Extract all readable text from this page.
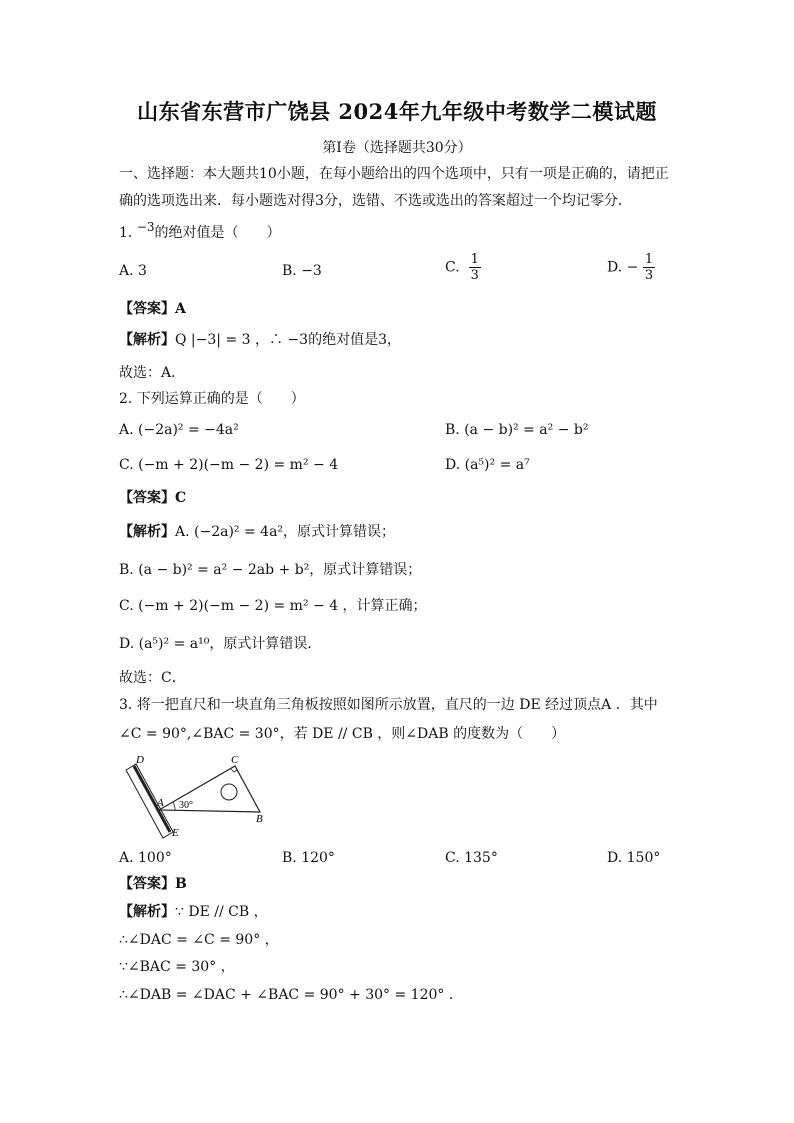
山东省东营市广饶县 2024年九年级中考数学二模试题
第I卷（选择题共30分）
一、选择题：本大题共10小题，在每小题给出的四个选项中，只有一项是正确的，请把正
确的选项选出来．每小题选对得3分，选错、不选或选出的答案超过一个均记零分．
1. $^{-3}$的绝对值是（　　）
A. 3	B. −3	C. $\frac{1}{3}$	D. − $\frac{1}{3}$
【答案】A
【解析】Q |−3| = 3 ，∴ −3的绝对值是3，
故选：A．
2. 下列运算正确的是（　　）
A. (−2a)² = −4a²	B. (a − b)² = a² − b²
C. (−m + 2)(−m − 2) = m² − 4	D. (a⁵)² = a⁷
【答案】C
【解析】A. (−2a)² = 4a²，原式计算错误；
B. (a − b)² = a² − 2ab + b²，原式计算错误；
C. (−m + 2)(−m − 2) = m² − 4 ，计算正确；
D. (a⁵)² = a¹⁰，原式计算错误．
故选：C．
3. 将一把直尺和一块直角三角板按照如图所示放置，直尺的一边 DE 经过顶点A ．其中
∠C = 90°,∠BAC = 30°，若 DE // CB ，则∠DAB 的度数为（　　）
D	C
A
E
B
30°
A. 100°	B. 120°	C. 135°	D. 150°
【答案】B
【解析】∵ DE // CB ，
∴∠DAC = ∠C = 90° ，
∵∠BAC = 30° ，
∴∠DAB = ∠DAC + ∠BAC = 90° + 30° = 120° ．
